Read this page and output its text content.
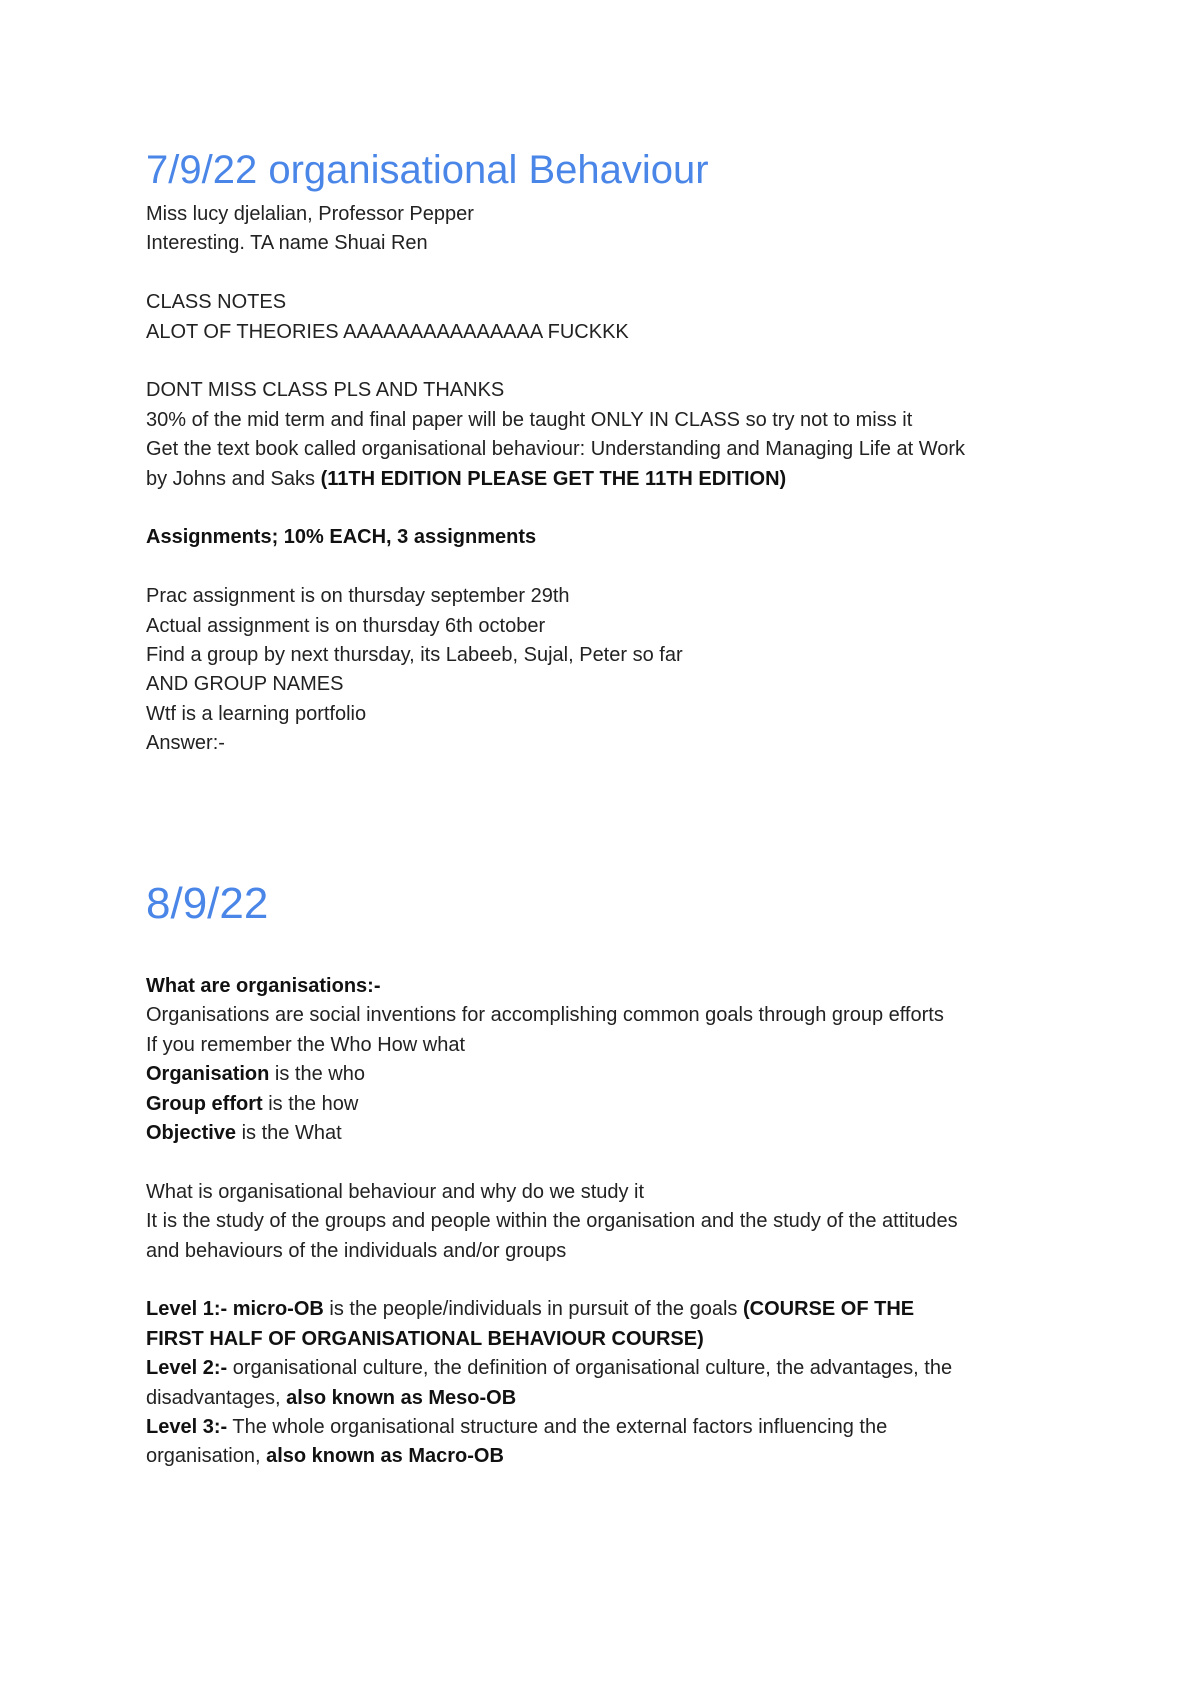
7/9/22 organisational Behaviour
Miss lucy djelalian, Professor Pepper
Interesting. TA name Shuai Ren
CLASS NOTES
ALOT OF THEORIES AAAAAAAAAAAAAAA FUCKKK
DONT MISS CLASS PLS AND THANKS
30% of the mid term and final paper will be taught ONLY IN CLASS so try not to miss it
Get the text book called organisational behaviour: Understanding and Managing Life at Work
by Johns and Saks (11TH EDITION PLEASE GET THE 11TH EDITION)
Assignments; 10% EACH, 3 assignments
Prac assignment is on thursday september 29th
Actual assignment is on thursday 6th october
Find a group by next thursday, its Labeeb, Sujal, Peter so far
AND GROUP NAMES
Wtf is a learning portfolio
Answer:-
8/9/22
What are organisations:-
Organisations are social inventions for accomplishing common goals through group efforts
If you remember the Who How what
Organisation is the who
Group effort is the how
Objective is the What
What is organisational behaviour and why do we study it
It is the study of the groups and people within the organisation and the study of the attitudes
and behaviours of the individuals and/or groups
Level 1:- micro-OB is the people/individuals in pursuit of the goals (COURSE OF THE
FIRST HALF OF ORGANISATIONAL BEHAVIOUR COURSE)
Level 2:- organisational culture, the definition of organisational culture, the advantages, the
disadvantages, also known as Meso-OB
Level 3:- The whole organisational structure and the external factors influencing the
organisation, also known as Macro-OB
